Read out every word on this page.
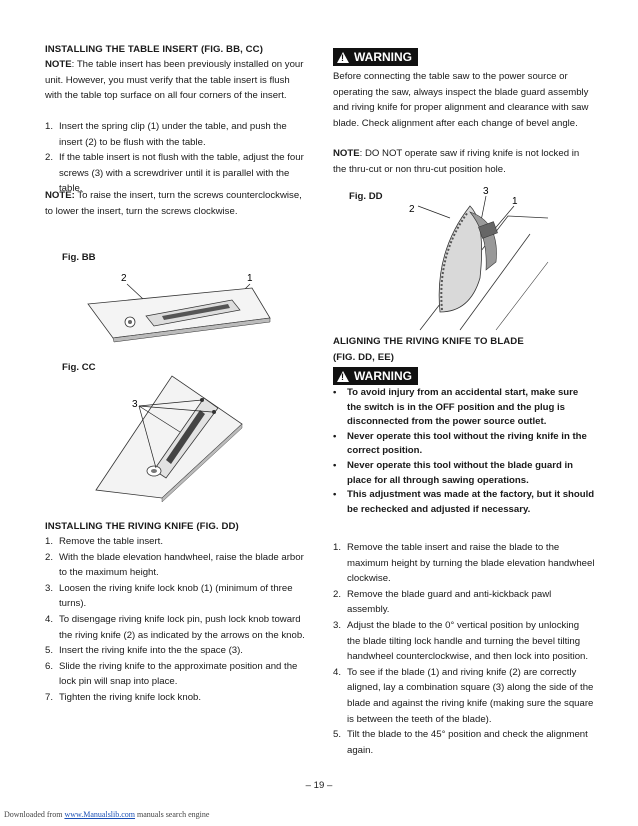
INSTALLING THE TABLE INSERT (FIG. BB, CC)
NOTE: The table insert has been previously installed on your unit. However, you must verify that the table insert is flush with the table top surface on all four corners of the insert.
1. Insert the spring clip (1) under the table, and push the insert (2) to be flush with the table.
2. If the table insert is not flush with the table, adjust the four screws (3) with a screwdriver until it is parallel with the table.
NOTE: To raise the insert, turn the screws counterclockwise, to lower the insert, turn the screws clockwise.
Fig. BB
2	1
Fig. CC
3
INSTALLING THE RIVING KNIFE (FIG. DD)
1. Remove the table insert.
2. With the blade elevation handwheel, raise the blade arbor to the maximum height.
3. Loosen the riving knife lock knob (1) (minimum of three turns).
4. To disengage riving knife lock pin, push lock knob toward the riving knife (2) as indicated by the arrows on the knob.
5. Insert the riving knife into the the space (3).
6. Slide the riving knife to the approximate position and the lock pin will snap into place.
7. Tighten the riving knife lock knob.
!
WARNING
Before connecting the table saw to the power source or operating the saw, always inspect the blade guard assembly and riving knife for proper alignment and clearance with saw blade. Check alignment after each change of bevel angle.
NOTE: DO NOT operate saw if riving knife is not locked in the thru-cut or non thru-cut position hole.
Fig. DD	3
2
1
ALIGNING THE RIVING KNIFE TO BLADE
(FIG. DD, EE)
!
WARNING
•	To avoid injury from an accidental start, make sure the switch is in the OFF position and the plug is disconnected from the power source outlet.
•	Never operate this tool without the riving knife in the correct position.
•	Never operate this tool without the blade guard in place for all through sawing operations.
•	This adjustment was made at the factory, but it should be rechecked and adjusted if necessary.
1. Remove the table insert and raise the blade to the maximum height by turning the blade elevation handwheel clockwise.
2. Remove the blade guard and anti-kickback pawl assembly.
3. Adjust the blade to the 0° vertical position by unlocking the blade tilting lock handle and turning the bevel tilting handwheel counterclockwise, and then lock into position.
4. To see if the blade (1) and riving knife (2) are correctly aligned, lay a combination square (3) along the side of the blade and against the riving knife (making sure the square is between the teeth of the blade).
5. Tilt the blade to the 45° position and check the alignment again.
– 19 –
Downloaded from www.Manualslib.com manuals search engine
